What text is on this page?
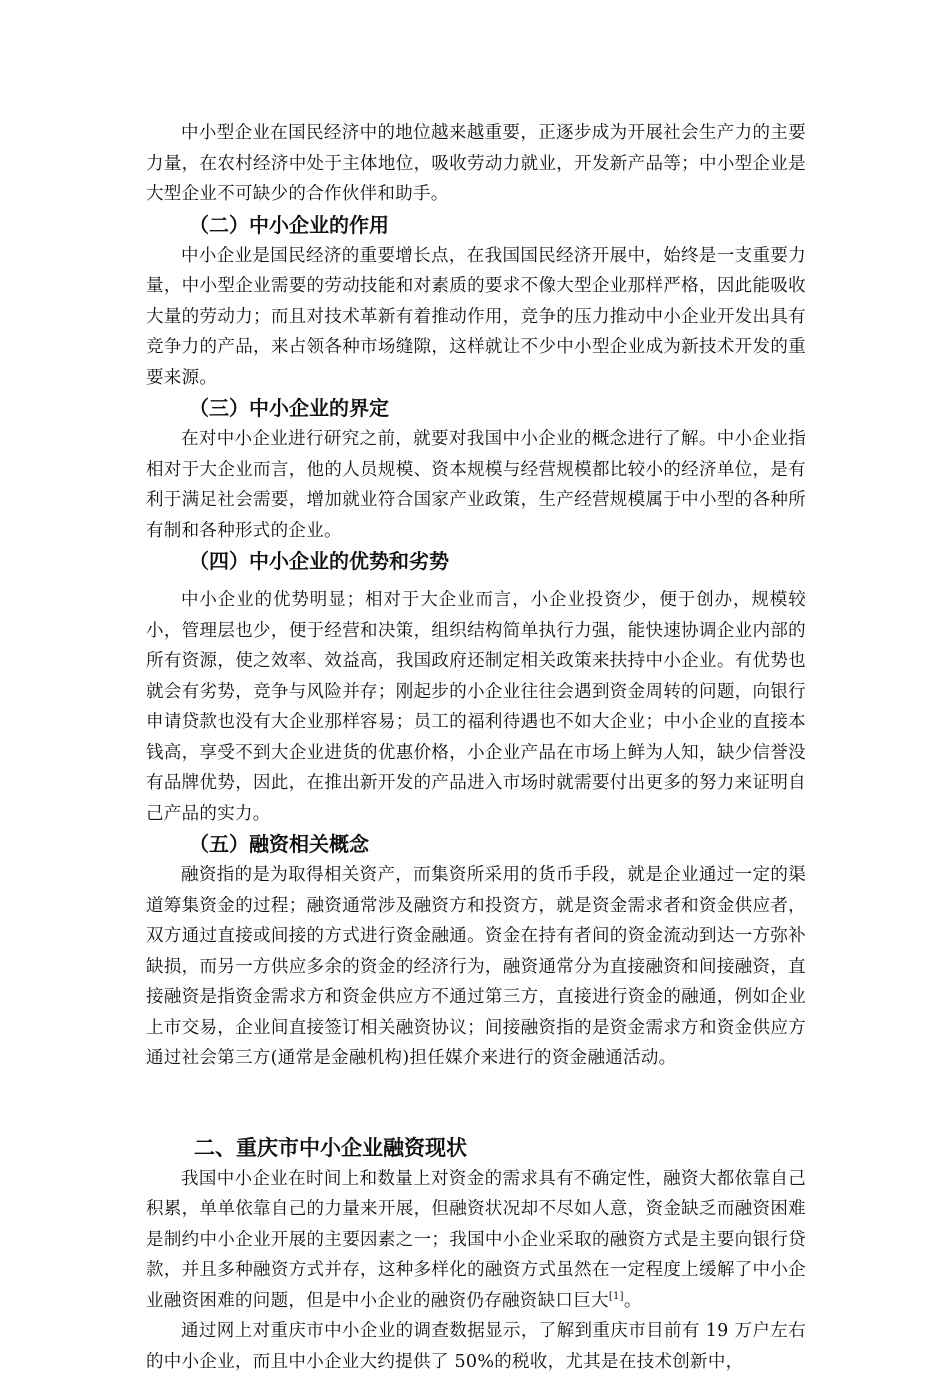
中小型企业在国民经济中的地位越来越重要，正逐步成为开展社会生产力的主要力量，在农村经济中处于主体地位，吸收劳动力就业，开发新产品等；中小型企业是大型企业不可缺少的合作伙伴和助手。

（二）中小企业的作用

中小企业是国民经济的重要增长点，在我国国民经济开展中，始终是一支重要力量，中小型企业需要的劳动技能和对素质的要求不像大型企业那样严格，因此能吸收大量的劳动力；而且对技术革新有着推动作用，竞争的压力推动中小企业开发出具有竞争力的产品，来占领各种市场缝隙，这样就让不少中小型企业成为新技术开发的重要来源。

（三）中小企业的界定

在对中小企业进行研究之前，就要对我国中小企业的概念进行了解。中小企业指相对于大企业而言，他的人员规模、资本规模与经营规模都比较小的经济单位，是有利于满足社会需要，增加就业符合国家产业政策，生产经营规模属于中小型的各种所有制和各种形式的企业。

（四）中小企业的优势和劣势

中小企业的优势明显；相对于大企业而言，小企业投资少，便于创办，规模较小，管理层也少，便于经营和决策，组织结构简单执行力强，能快速协调企业内部的所有资源，使之效率、效益高，我国政府还制定相关政策来扶持中小企业。有优势也就会有劣势，竞争与风险并存；刚起步的小企业往往会遇到资金周转的问题，向银行申请贷款也没有大企业那样容易；员工的福利待遇也不如大企业；中小企业的直接本钱高，享受不到大企业进货的优惠价格，小企业产品在市场上鲜为人知，缺少信誉没有品牌优势，因此，在推出新开发的产品进入市场时就需要付出更多的努力来证明自己产品的实力。

（五）融资相关概念

融资指的是为取得相关资产，而集资所采用的货币手段，就是企业通过一定的渠道筹集资金的过程；融资通常涉及融资方和投资方，就是资金需求者和资金供应者，双方通过直接或间接的方式进行资金融通。资金在持有者间的资金流动到达一方弥补缺损，而另一方供应多余的资金的经济行为，融资通常分为直接融资和间接融资，直接融资是指资金需求方和资金供应方不通过第三方，直接进行资金的融通，例如企业上市交易，企业间直接签订相关融资协议；间接融资指的是资金需求方和资金供应方通过社会第三方(通常是金融机构)担任媒介来进行的资金融通活动。

二、重庆市中小企业融资现状

我国中小企业在时间上和数量上对资金的需求具有不确定性，融资大都依靠自己积累，单单依靠自己的力量来开展，但融资状况却不尽如人意，资金缺乏而融资困难是制约中小企业开展的主要因素之一；我国中小企业采取的融资方式是主要向银行贷款，并且多种融资方式并存，这种多样化的融资方式虽然在一定程度上缓解了中小企业融资困难的问题，但是中小企业的融资仍存融资缺口巨大[1]。

通过网上对重庆市中小企业的调查数据显示，了解到重庆市目前有 19 万户左右的中小企业，而且中小企业大约提供了 50%的税收，尤其是在技术创新中，
